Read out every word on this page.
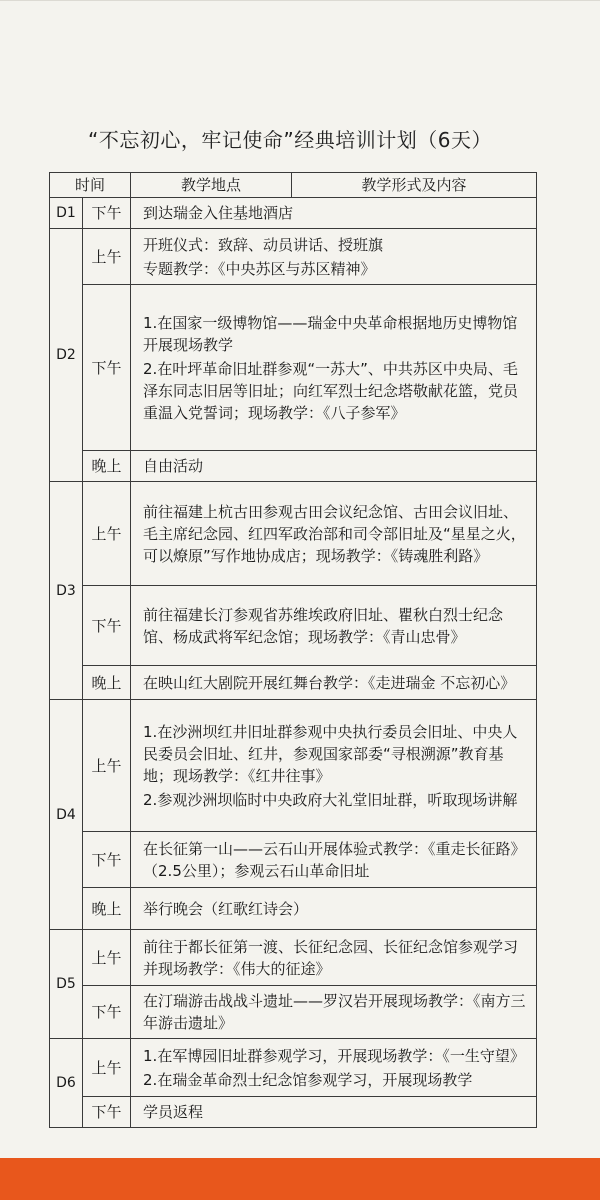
“不忘初心，牢记使命”经典培训计划（6天）
时间		教学地点	教学形式及内容
D1	下午	到达瑞金入住基地酒店	

D2	上午	开班仪式：致辞、动员讲话、授班旗
专题教学：《中央苏区与苏区精神》	

	下午	1.在国家一级博物馆——瑞金中央革命根据地历史博物馆开展现场教学
2.在叶坪革命旧址群参观“一苏大”、中共苏区中央局、毛泽东同志旧居等旧址；向红军烈士纪念塔敬献花篮，党员重温入党誓词；现场教学：《八子参军》	

	晚上	自由活动	

D3	上午	前往福建上杭古田参观古田会议纪念馆、古田会议旧址、毛主席纪念园、红四军政治部和司令部旧址及“星星之火，可以燎原”写作地协成店；现场教学：《铸魂胜利路》	

	下午	前往福建长汀参观省苏维埃政府旧址、瞿秋白烈士纪念馆、杨成武将军纪念馆；现场教学：《青山忠骨》	

	晚上	在映山红大剧院开展红舞台教学：《走进瑞金 不忘初心》	

D4	上午	1.在沙洲坝红井旧址群参观中央执行委员会旧址、中央人民委员会旧址、红井，参观国家部委“寻根溯源”教育基地；现场教学：《红井往事》
2.参观沙洲坝临时中央政府大礼堂旧址群，听取现场讲解	

	下午	在长征第一山——云石山开展体验式教学：《重走长征路》（2.5公里）；参观云石山革命旧址	

	晚上	举行晚会（红歌红诗会）	

D5	上午	前往于都长征第一渡、长征纪念园、长征纪念馆参观学习并现场教学：《伟大的征途》	

	下午	在汀瑞游击战战斗遗址——罗汉岩开展现场教学：《南方三年游击遗址》	

D6	上午	1.在军博园旧址群参观学习，开展现场教学：《一生守望》
2.在瑞金革命烈士纪念馆参观学习，开展现场教学	

	下午	学员返程	
